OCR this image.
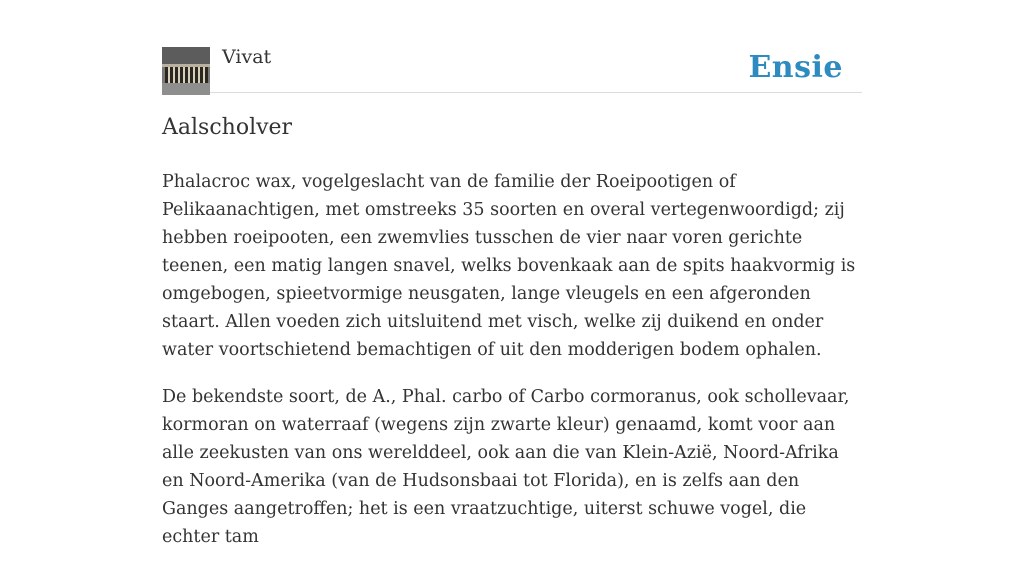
Vivat	Ensie
Aalscholver

Phalacroc wax, vogelgeslacht van de familie der Roeipootigen of Pelikaanachtigen, met omstreeks 35 soorten en overal vertegenwoordigd; zij hebben roeipooten, een zwemvlies tusschen de vier naar voren gerichte teenen, een matig langen snavel, welks bovenkaak aan de spits haakvormig is omgebogen, spieetvormige neusgaten, lange vleugels en een afgeronden staart. Allen voeden zich uitsluitend met visch, welke zij duikend en onder water voortschietend bemachtigen of uit den modderigen bodem ophalen.

De bekendste soort, de A., Phal. carbo of Carbo cormoranus, ook schollevaar, kormoran on waterraaf (wegens zijn zwarte kleur) genaamd, komt voor aan alle zeekusten van ons werelddeel, ook aan die van Klein-Azië, Noord-Afrika en Noord-Amerika (van de Hudsonsbaai tot Florida), en is zelfs aan den Ganges aangetroffen; het is een vraatzuchtige, uiterst schuwe vogel, die echter tam
